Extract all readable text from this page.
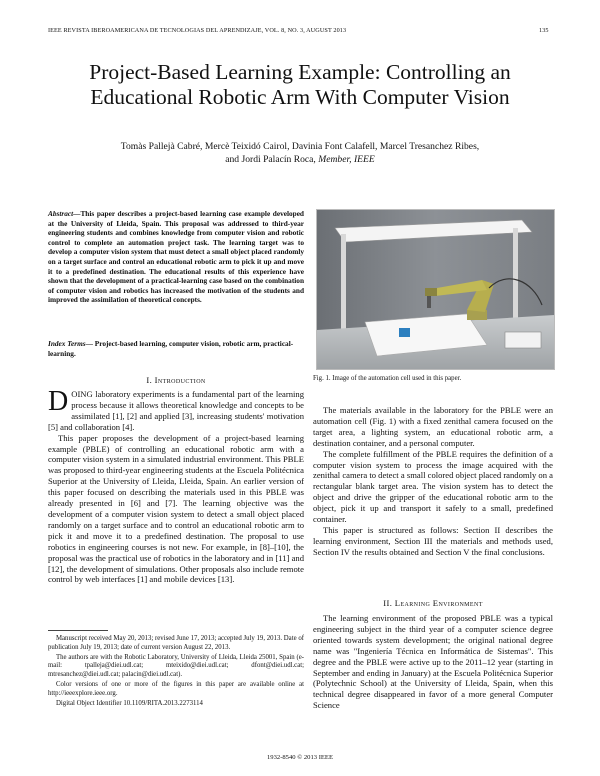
IEEE REVISTA IBEROAMERICANA DE TECNOLOGIAS DEL APRENDIZAJE, VOL. 8, NO. 3, AUGUST 2013	135
Project-Based Learning Example: Controlling an Educational Robotic Arm With Computer Vision
Tomàs Pallejà Cabré, Mercè Teixidó Cairol, Davinia Font Calafell, Marcel Tresanchez Ribes,
and Jordi Palacín Roca, Member, IEEE
Abstract—This paper describes a project-based learning case example developed at the University of Lleida, Spain. This proposal was addressed to third-year engineering students and combines knowledge from computer vision and robotic control to complete an automation project task. The learning target was to develop a computer vision system that must detect a small object placed randomly on a target surface and control an educational robotic arm to pick it up and move it to a predefined destination. The educational results of this experience have shown that the development of a practical-learning case based on the combination of computer vision and robotics has increased the motivation of the students and improved the assimilation of theoretical concepts.
Index Terms— Project-based learning, computer vision, robotic arm, practical-learning.
I. Introduction

DOING laboratory experiments is a fundamental part of the learning process because it allows theoretical knowledge and concepts to be assimilated [1], [2] and applied [3], increasing students' motivation [5] and collaboration [4].

This paper proposes the development of a project-based learning example (PBLE) of controlling an educational robotic arm with a computer vision system in a simulated industrial environment. This PBLE was proposed to third-year engineering students at the Escuela Politécnica Superior at the University of Lleida, Lleida, Spain. An earlier version of this paper focused on describing the materials used in this PBLE was already presented in [6] and [7]. The learning objective was the development of a computer vision system to detect a small object placed randomly on a target surface and to control an educational robotic arm to pick it and move it to a predefined destination. The proposal to use robotics in engineering courses is not new. For example, in [8]–[10], the proposal was the practical use of robotics in the laboratory and in [11] and [12], the development of simulations. Other proposals also include remote control by web interfaces [1] and mobile devices [13].

Manuscript received May 20, 2013; revised June 17, 2013; accepted July 19, 2013. Date of publication July 19, 2013; date of current version August 22, 2013.

The authors are with the Robotic Laboratory, University of Lleida, Lleida 25001, Spain (e-mail: tpalleja@diei.udl.cat; mteixido@diei.udl.cat; dfont@diei.udl.cat; mtresanchez@diei.udl.cat; palacin@diei.udl.cat).

Color versions of one or more of the figures in this paper are available online at http://ieeexplore.ieee.org.

Digital Object Identifier 10.1109/RITA.2013.2273114

Fig. 1. Image of the automation cell used in this paper.

The materials available in the laboratory for the PBLE were an automation cell (Fig. 1) with a fixed zenithal camera focused on the target area, a lighting system, an educational robotic arm, a destination container, and a personal computer.

The complete fulfillment of the PBLE requires the definition of a computer vision system to process the image acquired with the zenithal camera to detect a small colored object placed randomly on a rectangular blank target area. The vision system has to detect the object and drive the gripper of the educational robotic arm to the object, pick it up and transport it safely to a small, predefined container.

This paper is structured as follows: Section II describes the learning environment, Section III the materials and methods used, Section IV the results obtained and Section V the final conclusions.

II. Learning Environment

The learning environment of the proposed PBLE was a typical engineering subject in the third year of a computer science degree oriented towards system development; the original national degree name was "Ingeniería Técnica en Informática de Sistemas". This degree and the PBLE were active up to the 2011–12 year (starting in September and ending in January) at the Escuela Politécnica Superior (Polytechnic School) at the University of Lleida, Spain, when this technical degree disappeared in favor of a more general Computer Science

1932-8540 © 2013 IEEE
